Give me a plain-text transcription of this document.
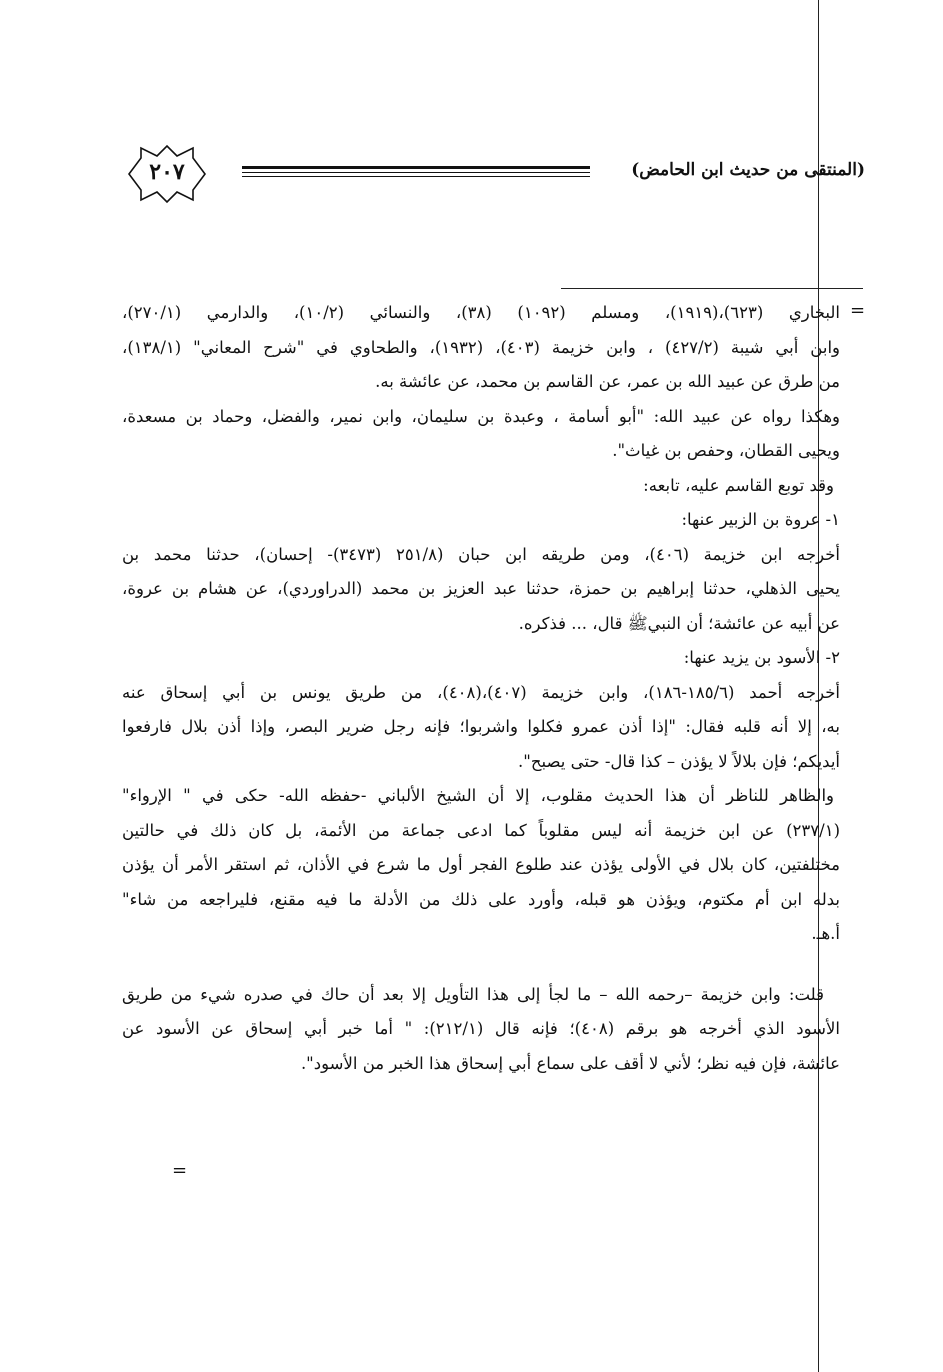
(المنتقى من حديث ابن الحامض)
٢٠٧
=
البخاري (٦٢٣)،(١٩١٩)، ومسلم (١٠٩٢) (٣٨)، والنسائي (١٠/٢)، والدارمي (٢٧٠/١)،
وابن أبي شيبة (٤٢٧/٢) ، وابن خزيمة (٤٠٣)، (١٩٣٢)، والطحاوي في "شرح المعاني" (١٣٨/١)،
من طرق عن عبيد الله بن عمر، عن القاسم بن محمد، عن عائشة به.
وهكذا رواه عن عبيد الله: "أبو أسامة ، وعبدة بن سليمان، وابن نمير، والفضل، وحماد بن مسعدة،
ويحيى القطان، وحفص بن غياث".
وقد توبع القاسم عليه، تابعه:
١- عروة بن الزبير عنها:
أخرجه ابن خزيمة (٤٠٦)، ومن طريقه ابن حبان (٢٥١/٨ (٣٤٧٣)- إحسان)، حدثنا محمد بن
يحيى الذهلي، حدثنا إبراهيم بن حمزة، حدثنا عبد العزيز بن محمد (الدراوردي)، عن هشام بن عروة،
عن أبيه عن عائشة؛ أن النبيﷺ قال، ... فذكره.
٢- الأسود بن يزيد عنها:
أخرجه أحمد (١٨٥/٦-١٨٦)، وابن خزيمة (٤٠٧)،(٤٠٨)، من طريق يونس بن أبي إسحاق عنه
به، إلا أنه قلبه فقال: "إذا أذن عمرو فكلوا واشربوا؛ فإنه رجل ضرير البصر، وإذا أذن بلال فارفعوا
أيديكم؛ فإن بلالاً لا يؤذن – كذا قال- حتى يصبح".
والظاهر للناظر أن هذا الحديث مقلوب، إلا أن الشيخ الألباني -حفظه الله- حكى في " الإرواء"
(٢٣٧/١) عن ابن خزيمة أنه ليس مقلوباً كما ادعى جماعة من الأئمة، بل كان ذلك في حالتين
مختلفتين، كان بلال في الأولى يؤذن عند طلوع الفجر أول ما شرع في الأذان، ثم استقر الأمر أن يؤذن
بدله ابن أم مكتوم، ويؤذن هو قبله، وأورد على ذلك من الأدلة ما فيه مقنع، فليراجعه من شاء"
أ.هـ.
قلت: وابن خزيمة –رحمه الله – ما لجأ إلى هذا التأويل إلا بعد أن حاك في صدره شيء من طريق
الأسود الذي أخرجه هو برقم (٤٠٨)؛ فإنه قال (٢١٢/١): " أما خبر أبي إسحاق عن الأسود عن
عائشة، فإن فيه نظر؛ لأني لا أقف على سماع أبي إسحاق هذا الخبر من الأسود".
=
